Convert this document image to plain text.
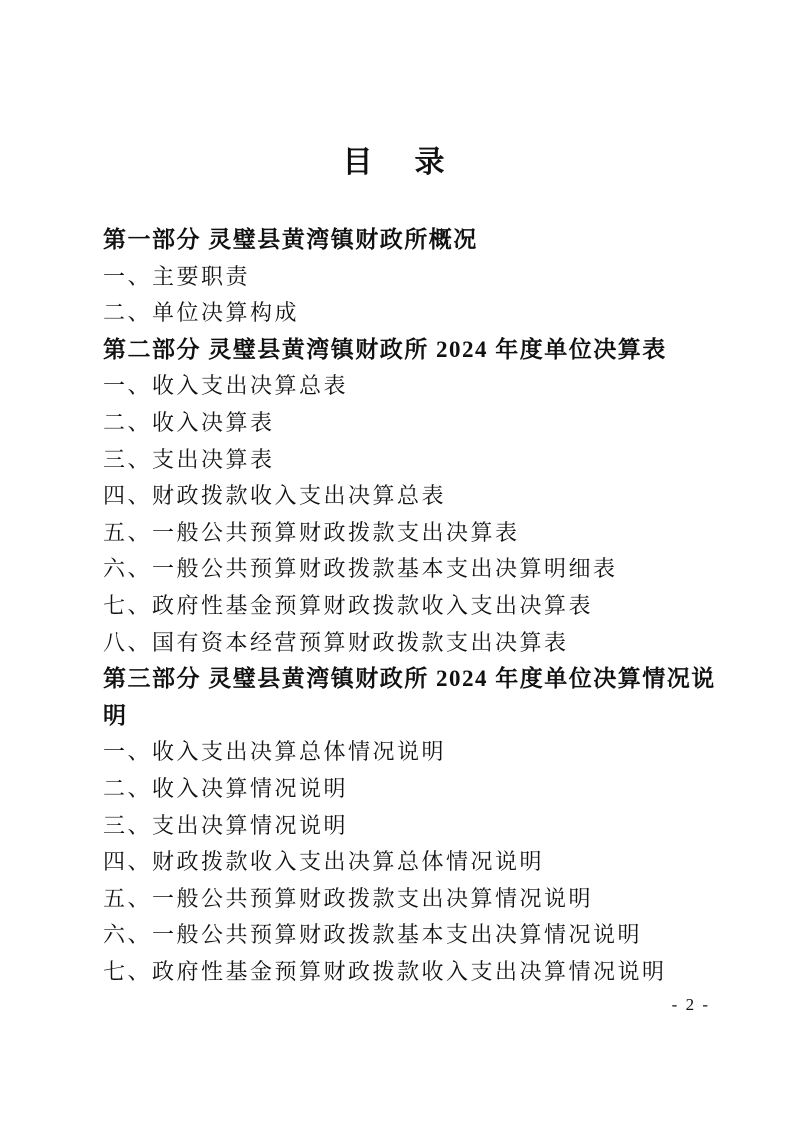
目　录
第一部分 灵璧县黄湾镇财政所概况
一、主要职责
二、单位决算构成
第二部分 灵璧县黄湾镇财政所 2024 年度单位决算表
一、收入支出决算总表
二、收入决算表
三、支出决算表
四、财政拨款收入支出决算总表
五、一般公共预算财政拨款支出决算表
六、一般公共预算财政拨款基本支出决算明细表
七、政府性基金预算财政拨款收入支出决算表
八、国有资本经营预算财政拨款支出决算表
第三部分 灵璧县黄湾镇财政所 2024 年度单位决算情况说明
一、收入支出决算总体情况说明
二、收入决算情况说明
三、支出决算情况说明
四、财政拨款收入支出决算总体情况说明
五、一般公共预算财政拨款支出决算情况说明
六、一般公共预算财政拨款基本支出决算情况说明
七、政府性基金预算财政拨款收入支出决算情况说明
- 2 -
